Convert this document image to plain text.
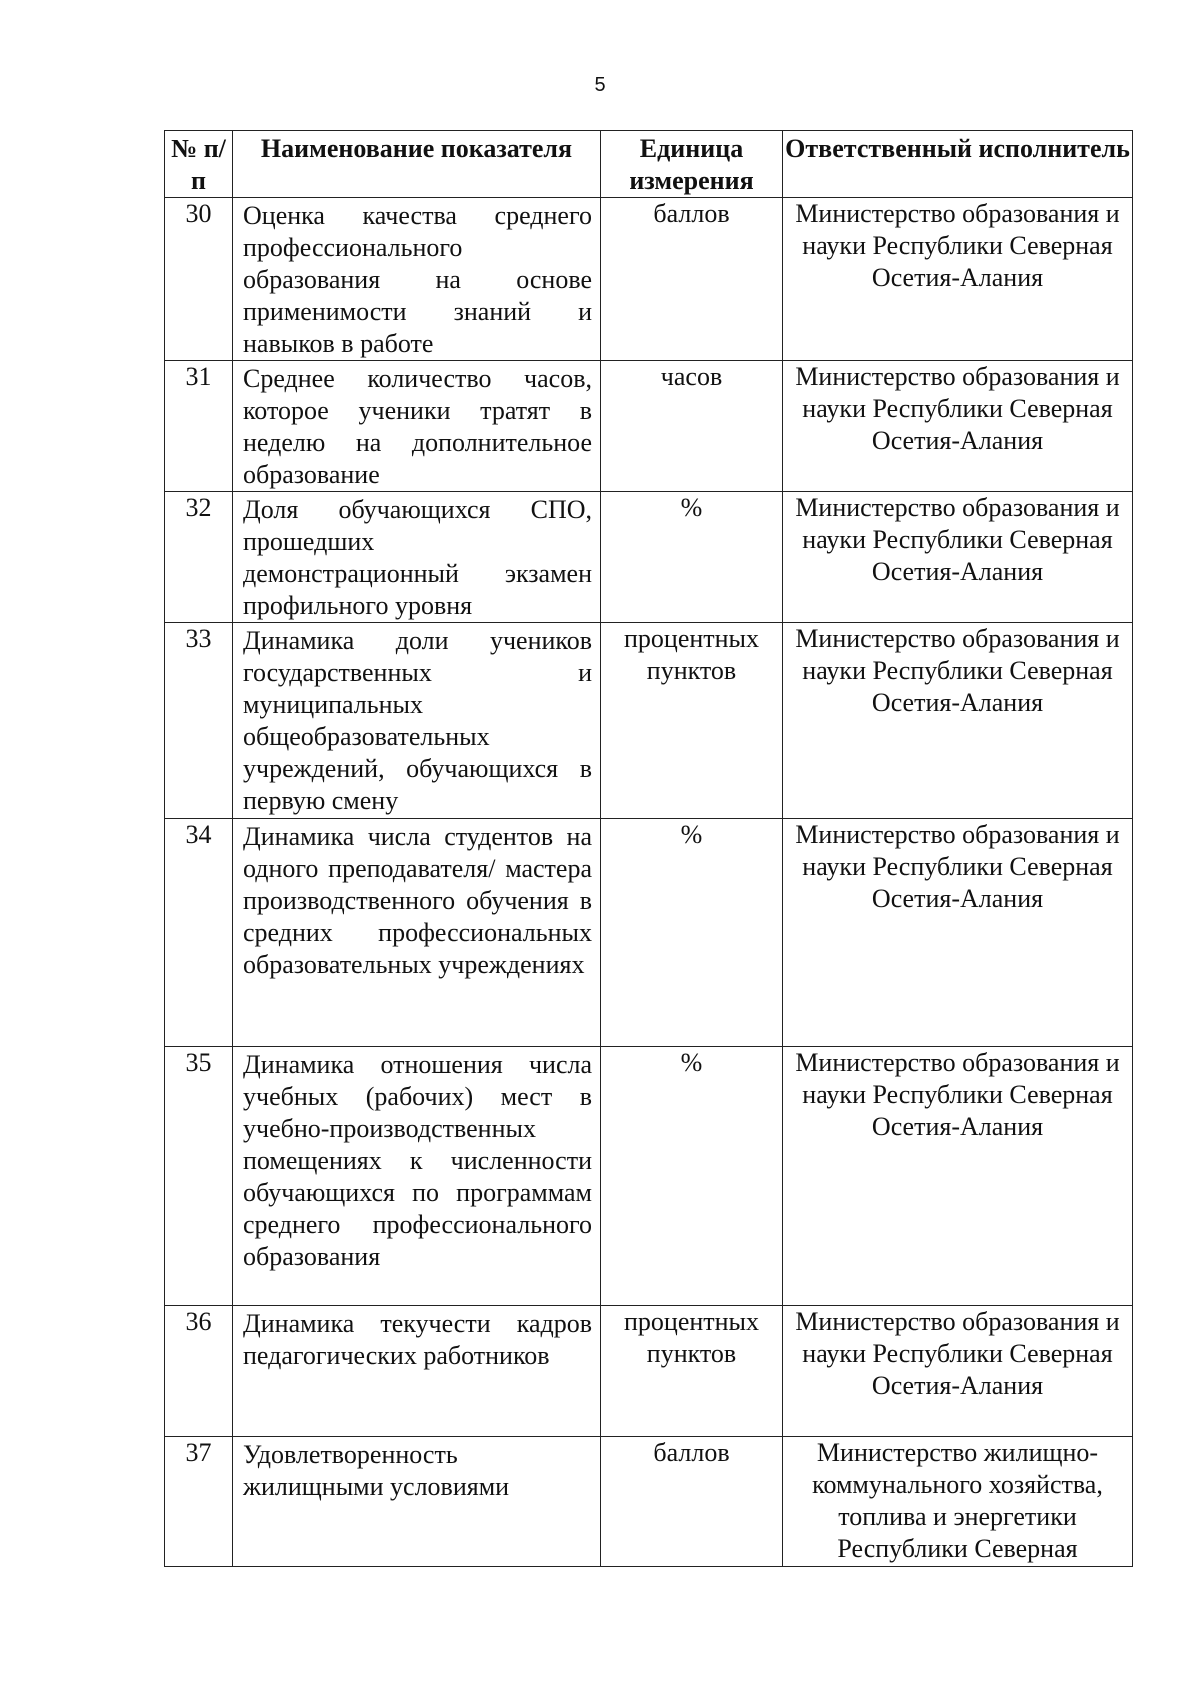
5
№ п/п	Наименование показателя	Единица измерения	Ответственный исполнитель

30	Оценка качества среднего профессионального образования на основе применимости знаний и навыков в работе	баллов	Министерство образования и науки Республики Северная Осетия-Алания
31	Среднее количество часов, которое ученики тратят в неделю на дополнительное образование	часов	Министерство образования и науки Республики Северная Осетия-Алания
32	Доля обучающихся СПО, прошедших демонстрационный экзамен профильного уровня	%	Министерство образования и науки Республики Северная Осетия-Алания
33	Динамика доли учеников государственных и муниципальных общеобразовательных учреждений, обучающихся в первую смену	процентных пунктов	Министерство образования и науки Республики Северная Осетия-Алания
34	Динамика числа студентов на одного преподавателя/ мастера производственного обучения в средних профессиональных образовательных учреждениях	%	Министерство образования и науки Республики Северная Осетия-Алания
35	Динамика отношения числа учебных (рабочих) мест в учебно-производственных помещениях к численности обучающихся по программам среднего профессионального образования	%	Министерство образования и науки Республики Северная Осетия-Алания
36	Динамика текучести кадров педагогических работников	процентных пунктов	Министерство образования и науки Республики Северная Осетия-Алания
37	Удовлетворенность жилищными условиями	баллов	Министерство жилищно-коммунального хозяйства, топлива и энергетики Республики Северная
